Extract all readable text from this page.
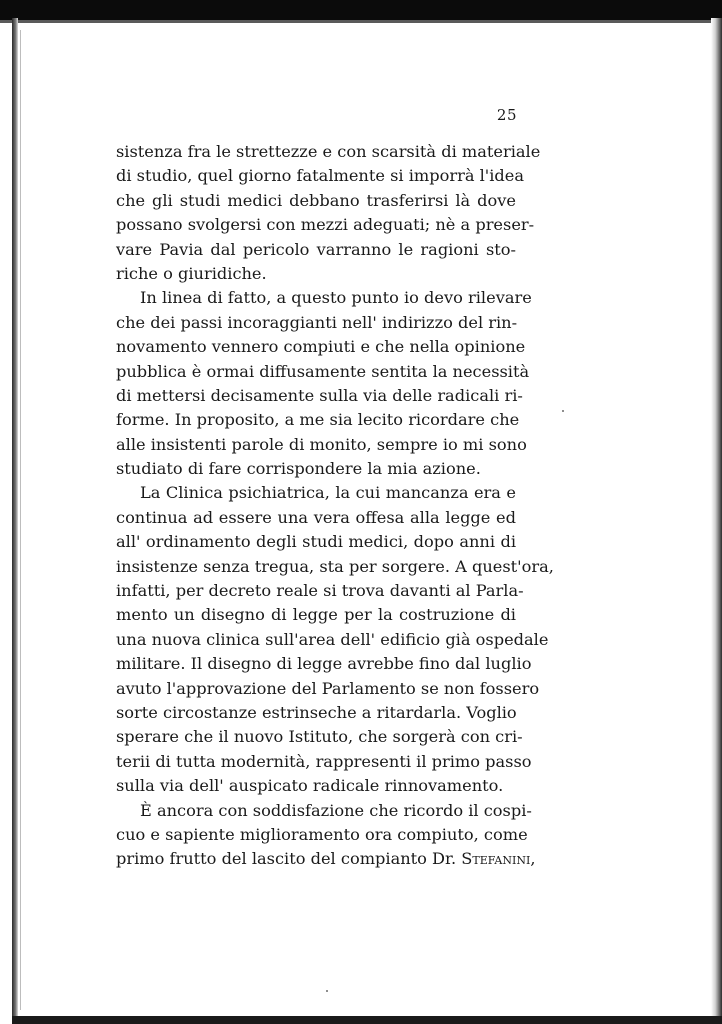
25
sistenza fra le strettezze e con scarsità di materiale
di studio, quel giorno fatalmente si imporrà l'idea
che gli studi medici debbano trasferirsi là dove
possano svolgersi con mezzi adeguati; nè a preser-
vare Pavia dal pericolo varranno le ragioni sto-
riche o giuridiche.
In linea di fatto, a questo punto io devo rilevare
che dei passi incoraggianti nell' indirizzo del rin-
novamento vennero compiuti e che nella opinione
pubblica è ormai diffusamente sentita la necessità
di mettersi decisamente sulla via delle radicali ri-
forme. In proposito, a me sia lecito ricordare che
alle insistenti parole di monito, sempre io mi sono
studiato di fare corrispondere la mia azione.
La Clinica psichiatrica, la cui mancanza era e
continua ad essere una vera offesa alla legge ed
all' ordinamento degli studi medici, dopo anni di
insistenze senza tregua, sta per sorgere. A quest'ora,
infatti, per decreto reale si trova davanti al Parla-
mento un disegno di legge per la costruzione di
una nuova clinica sull'area dell' edificio già ospedale
militare. Il disegno di legge avrebbe fino dal luglio
avuto l'approvazione del Parlamento se non fossero
sorte circostanze estrinseche a ritardarla. Voglio
sperare che il nuovo Istituto, che sorgerà con cri-
terii di tutta modernità, rappresenti il primo passo
sulla via dell' auspicato radicale rinnovamento.
È ancora con soddisfazione che ricordo il cospi-
cuo e sapiente miglioramento ora compiuto, come
primo frutto del lascito del compianto Dr. Stefanini,
